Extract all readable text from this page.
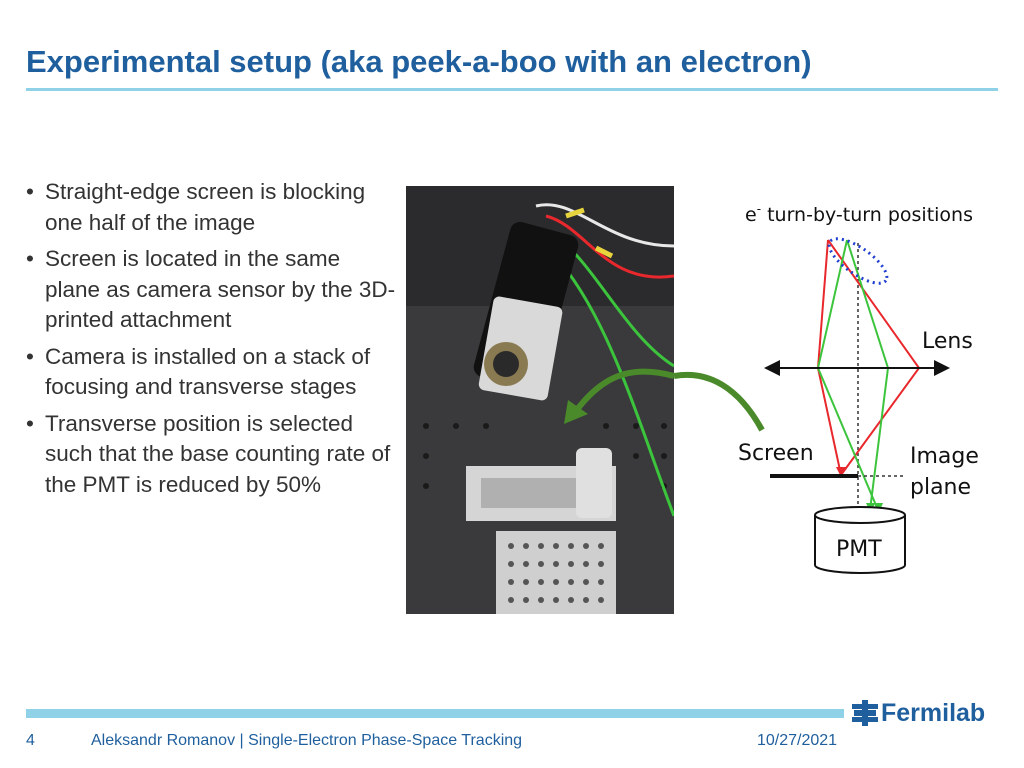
Experimental setup (aka peek-a-boo with an electron)
• Straight-edge screen is blocking one half of the image
• Screen is located in the same plane as camera sensor by the 3D-printed attachment
• Camera is installed on a stack of focusing and transverse stages
• Transverse position is selected such that the base counting rate of the PMT is reduced by 50%
e- turn-by-turn positions
Lens
Screen	Image
plane
PMT
Fermilab
4	Aleksandr Romanov | Single-Electron Phase-Space Tracking	10/27/2021
